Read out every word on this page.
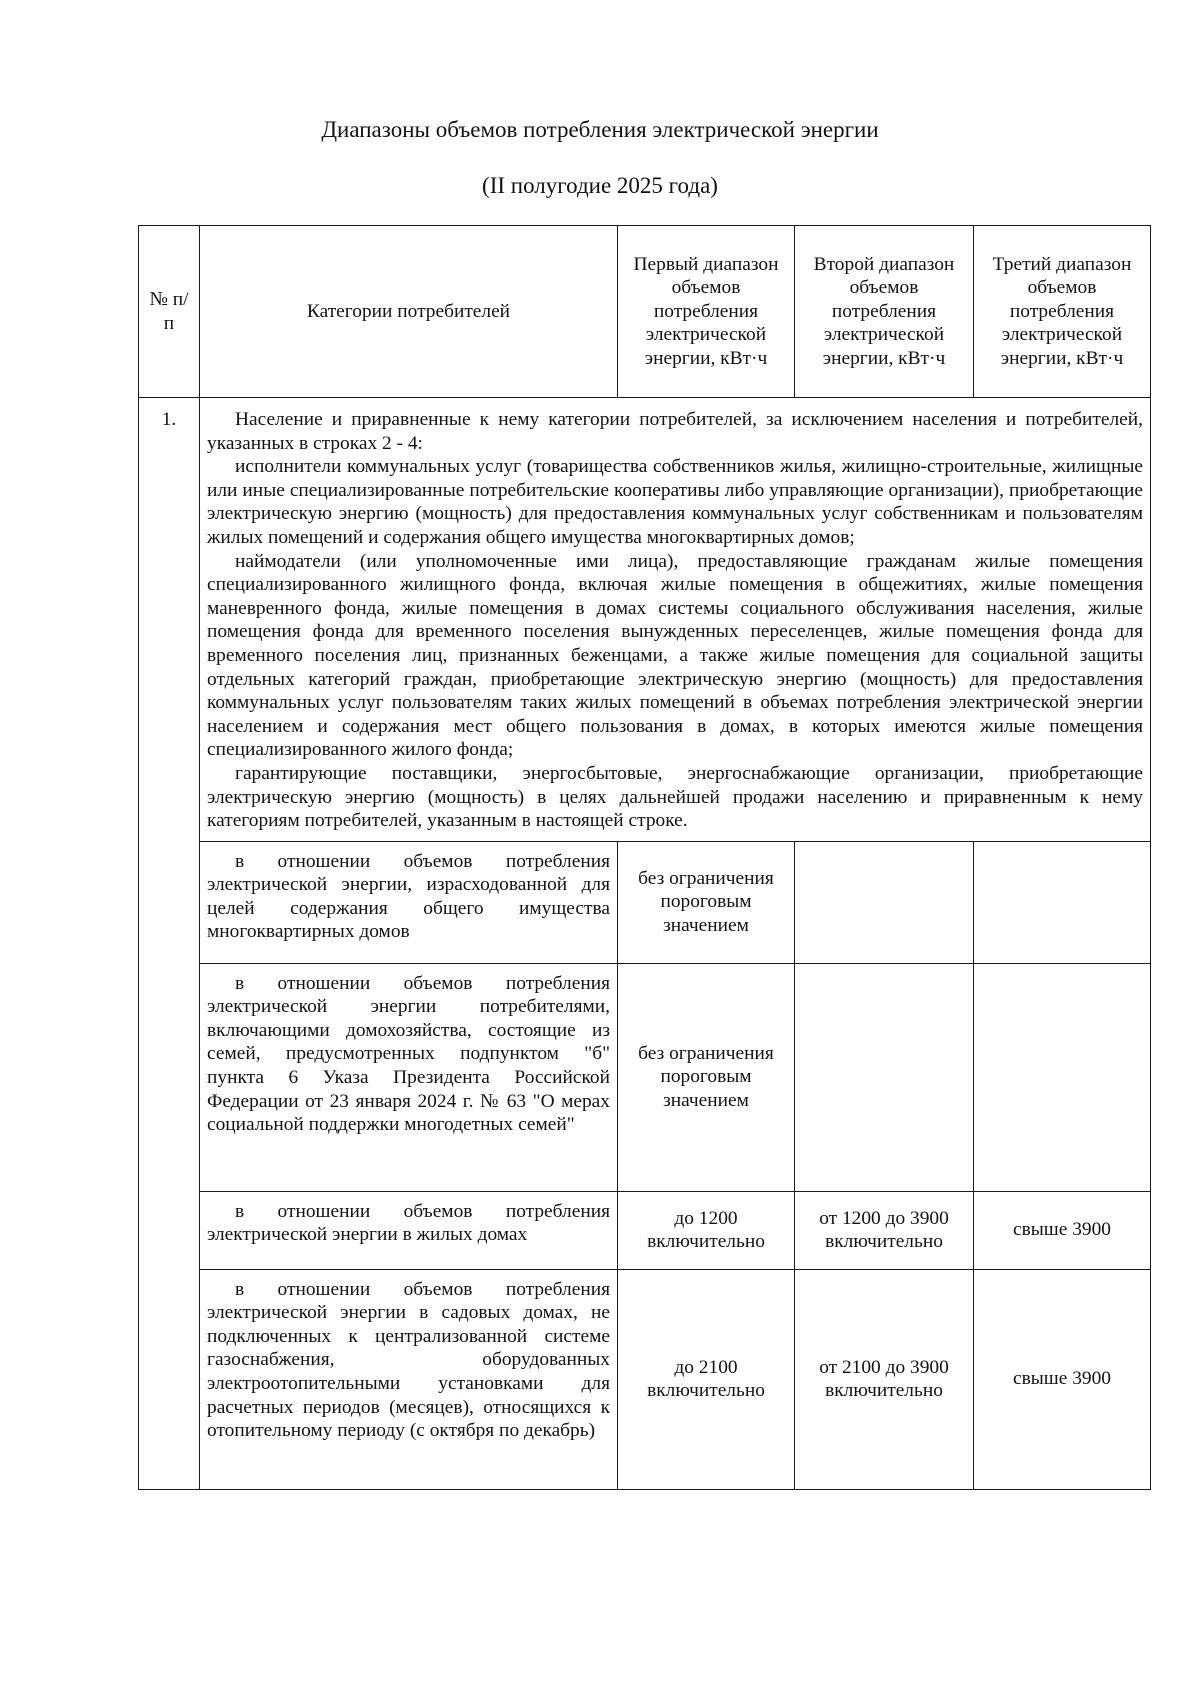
Диапазоны объемов потребления электрической энергии
(II полугодие 2025 года)
№ п/п	Категории потребителей	Первый диапазон объемов потребления электрической энергии, кВт·ч	Второй диапазон объемов потребления электрической энергии, кВт·ч	Третий диапазон объемов потребления электрической энергии, кВт·ч
1.	Население и приравненные к нему категории потребителей, за исключением населения и потребителей, указанных в строках 2 - 4:

исполнители коммунальных услуг (товарищества собственников жилья, жилищно-строительные, жилищные или иные специализированные потребительские кооперативы либо управляющие организации), приобретающие электрическую энергию (мощность) для предоставления коммунальных услуг собственникам и пользователям жилых помещений и содержания общего имущества многоквартирных домов;

наймодатели (или уполномоченные ими лица), предоставляющие гражданам жилые помещения специализированного жилищного фонда, включая жилые помещения в общежитиях, жилые помещения маневренного фонда, жилые помещения в домах системы социального обслуживания населения, жилые помещения фонда для временного поселения вынужденных переселенцев, жилые помещения фонда для временного поселения лиц, признанных беженцами, а также жилые помещения для социальной защиты отдельных категорий граждан, приобретающие электрическую энергию (мощность) для предоставления коммунальных услуг пользователям таких жилых помещений в объемах потребления электрической энергии населением и содержания мест общего пользования в домах, в которых имеются жилые помещения специализированного жилого фонда;

гарантирующие поставщики, энергосбытовые, энергоснабжающие организации, приобретающие электрическую энергию (мощность) в целях дальнейшей продажи населению и приравненным к нему категориям потребителей, указанным в настоящей строке.			

	в отношении объемов потребления электрической энергии, израсходованной для целей содержания общего имущества многоквартирных домов	без ограничения пороговым значением		
	в отношении объемов потребления электрической энергии потребителями, включающими домохозяйства, состоящие из семей, предусмотренных подпунктом "б" пункта 6 Указа Президента Российской Федерации от 23 января 2024 г. № 63 "О мерах социальной поддержки многодетных семей"	без ограничения пороговым значением		
	в отношении объемов потребления электрической энергии в жилых домах	до 1200 включительно	от 1200 до 3900 включительно	свыше 3900
	в отношении объемов потребления электрической энергии в садовых домах, не подключенных к централизованной системе газоснабжения, оборудованных электроотопительными установками для расчетных периодов (месяцев), относящихся к отопительному периоду (с октября по декабрь)	до 2100 включительно	от 2100 до 3900 включительно	свыше 3900
